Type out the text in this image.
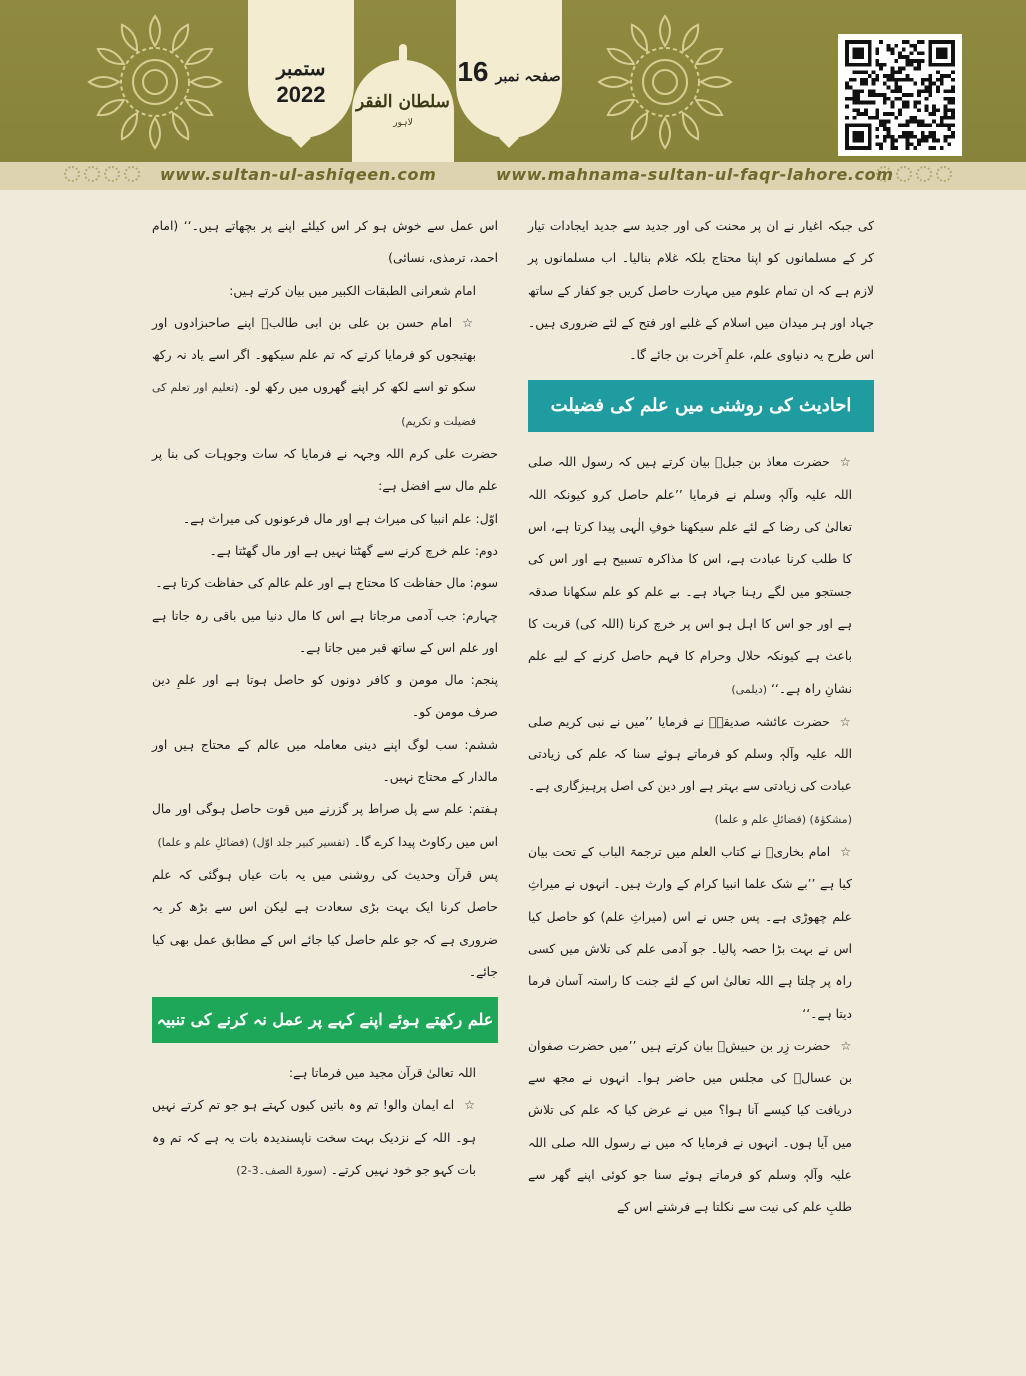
ستمبر
2022	سلطان الفقر
لاہور
16 صفحہ نمبر
www.sultan-ul-ashiqeen.com	www.mahnama-sultan-ul-faqr-lahore.com

کی جبکہ اغیار نے ان پر محنت کی اور جدید سے جدید ایجادات تیار کر کے مسلمانوں کو اپنا محتاج بلکہ غلام بنالیا۔ اب مسلمانوں پر لازم ہے کہ ان تمام علوم میں مہارت حاصل کریں جو کفار کے ساتھ جہاد اور ہر میدان میں اسلام کے غلبے اور فتح کے لئے ضروری ہیں۔ اس طرح یہ دنیاوی علم، علمِ آخرت بن جائے گا۔

احادیث کی روشنی میں علم کی فضیلت

☆حضرت معاذ بن جبلؓ بیان کرتے ہیں کہ رسول اللہ صلی اللہ علیہ وآلہٖ وسلم نے فرمایا ’’علم حاصل کرو کیونکہ اللہ تعالیٰ کی رضا کے لئے علم سیکھنا خوفِ الٰہی پیدا کرتا ہے، اس کا طلب کرنا عبادت ہے، اس کا مذاکرہ تسبیح ہے اور اس کی جستجو میں لگے رہنا جہاد ہے۔ بے علم کو علم سکھانا صدقہ ہے اور جو اس کا اہل ہو اس پر خرچ کرنا (اللہ کی) قربت کا باعث ہے کیونکہ حلال وحرام کا فہم حاصل کرنے کے لیے علم نشانِ راہ ہے۔‘‘ (دیلمی)

☆حضرت عائشہ صدیقہؓ نے فرمایا ’’میں نے نبی کریم صلی اللہ علیہ وآلہٖ وسلم کو فرماتے ہوئے سنا کہ علم کی زیادتی عبادت کی زیادتی سے بہتر ہے اور دین کی اصل پرہیزگاری ہے۔ (مشکوٰۃ) (فضائلِ علم و علما)

☆امام بخاریؒ نے کتاب العلم میں ترجمۃ الباب کے تحت بیان کیا ہے ’’بے شک علما انبیا کرام کے وارث ہیں۔ انہوں نے میراثِ علم چھوڑی ہے۔ پس جس نے اس (میراثِ علم) کو حاصل کیا اس نے بہت بڑا حصہ پالیا۔ جو آدمی علم کی تلاش میں کسی راہ پر چلتا ہے اللہ تعالیٰ اس کے لئے جنت کا راستہ آسان فرما دیتا ہے۔‘‘

☆حضرت زِر بن حبیشؓ بیان کرتے ہیں ’’میں حضرت صفوان بن عسالؓ کی مجلس میں حاضر ہوا۔ انہوں نے مجھ سے دریافت کیا کیسے آنا ہوا؟ میں نے عرض کیا کہ علم کی تلاش میں آیا ہوں۔ انہوں نے فرمایا کہ میں نے رسول اللہ صلی اللہ علیہ وآلہٖ وسلم کو فرماتے ہوئے سنا جو کوئی اپنے گھر سے طلبِ علم کی نیت سے نکلتا ہے فرشتے اس کے

اس عمل سے خوش ہو کر اس کیلئے اپنے پر بچھاتے ہیں۔‘‘ (امام احمد، ترمذی، نسائی)

امام شعرانی الطبقات الکبیر میں بیان کرتے ہیں:

☆امام حسن بن علی بن ابی طالبؓ اپنے صاحبزادوں اور بھتیجوں کو فرمایا کرتے کہ تم علم سیکھو۔ اگر اسے یاد نہ رکھ سکو تو اسے لکھ کر اپنے گھروں میں رکھ لو۔ (تعلیم اور تعلم کی فضیلت و تکریم)

حضرت علی کرم اللہ وجہہ نے فرمایا کہ سات وجوہات کی بنا پر علم مال سے افضل ہے:

اوّل: علم انبیا کی میراث ہے اور مال فرعونوں کی میراث ہے۔

دوم: علم خرچ کرنے سے گھٹتا نہیں ہے اور مال گھٹتا ہے۔

سوم: مال حفاظت کا محتاج ہے اور علم عالم کی حفاظت کرتا ہے۔

چہارم: جب آدمی مرجاتا ہے اس کا مال دنیا میں باقی رہ جاتا ہے اور علم اس کے ساتھ قبر میں جاتا ہے۔

پنجم: مال مومن و کافر دونوں کو حاصل ہوتا ہے اور علمِ دین صرف مومن کو۔

ششم: سب لوگ اپنے دینی معاملہ میں عالم کے محتاج ہیں اور مالدار کے محتاج نہیں۔

ہفتم: علم سے پل صراط پر گزرنے میں قوت حاصل ہوگی اور مال اس میں رکاوٹ پیدا کرے گا۔ (تفسیر کبیر جلد اوّل) (فضائلِ علم و علما)

پس قرآن وحدیث کی روشنی میں یہ بات عیاں ہوگئی کہ علم حاصل کرنا ایک بہت بڑی سعادت ہے لیکن اس سے بڑھ کر یہ ضروری ہے کہ جو علم حاصل کیا جائے اس کے مطابق عمل بھی کیا جائے۔

علم رکھتے ہوئے اپنے کہے پر عمل نہ کرنے کی تنبیہ

اللہ تعالیٰ قرآن مجید میں فرماتا ہے:

☆اے ایمان والو! تم وہ باتیں کیوں کہتے ہو جو تم کرتے نہیں ہو۔ اللہ کے نزدیک بہت سخت ناپسندیدہ بات یہ ہے کہ تم وہ بات کہو جو خود نہیں کرتے۔ (سورۃ الصف۔3-2)
